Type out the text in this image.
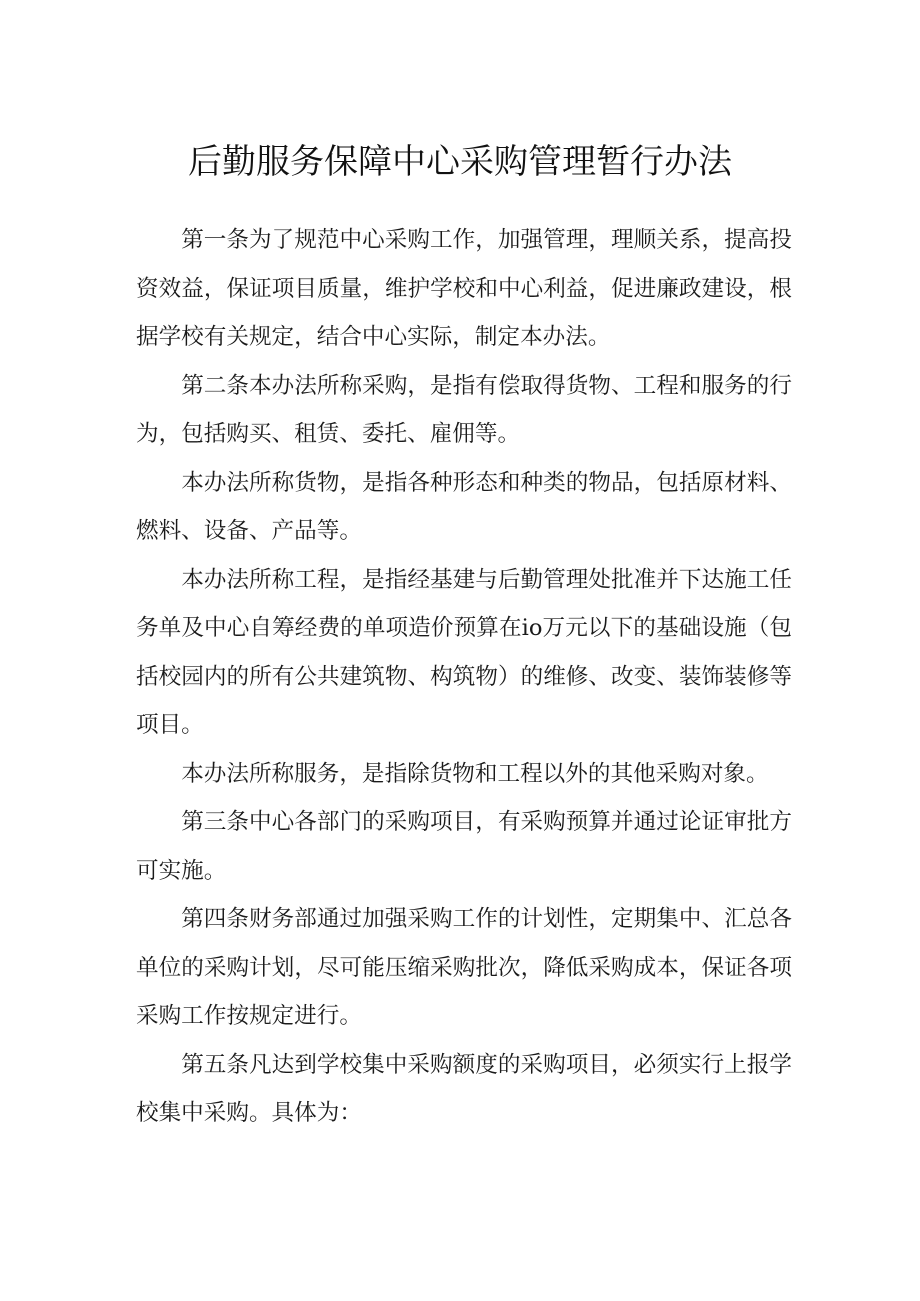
后勤服务保障中心采购管理暂行办法

第一条为了规范中心采购工作，加强管理，理顺关系，提高投资效益，保证项目质量，维护学校和中心利益，促进廉政建设，根据学校有关规定，结合中心实际，制定本办法。

第二条本办法所称采购，是指有偿取得货物、工程和服务的行为，包括购买、租赁、委托、雇佣等。

本办法所称货物，是指各种形态和种类的物品，包括原材料、燃料、设备、产品等。

本办法所称工程，是指经基建与后勤管理处批准并下达施工任务单及中心自筹经费的单项造价预算在io万元以下的基础设施（包括校园内的所有公共建筑物、构筑物）的维修、改变、装饰装修等项目。

本办法所称服务，是指除货物和工程以外的其他采购对象。

第三条中心各部门的采购项目，有采购预算并通过论证审批方可实施。

第四条财务部通过加强采购工作的计划性，定期集中、汇总各单位的采购计划，尽可能压缩采购批次，降低采购成本，保证各项采购工作按规定进行。

第五条凡达到学校集中采购额度的采购项目，必须实行上报学校集中采购。具体为：
